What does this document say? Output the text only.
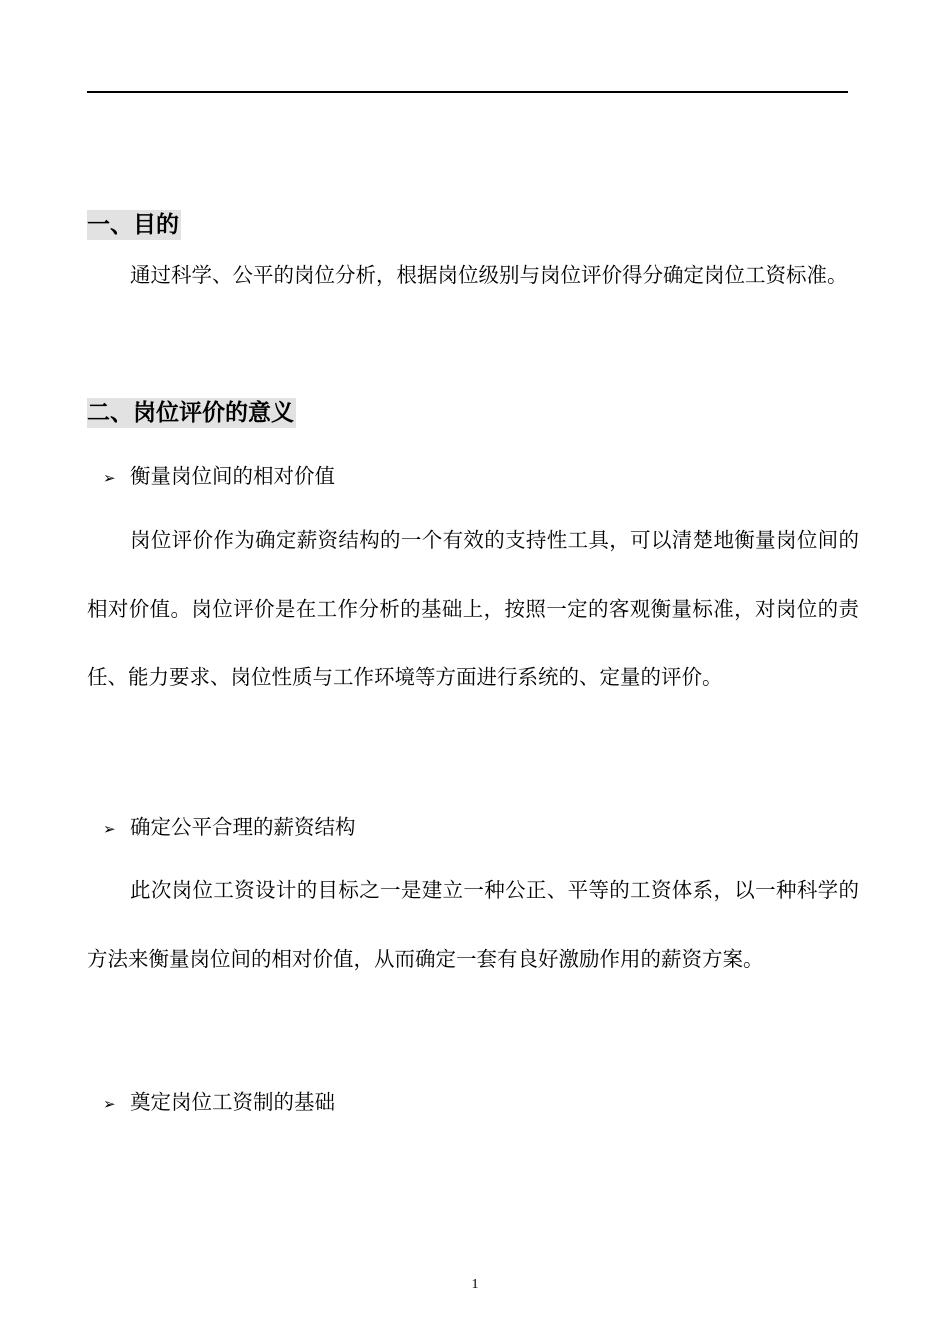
一、目的

通过科学、公平的岗位分析，根据岗位级别与岗位评价得分确定岗位工资标准。

二、岗位评价的意义
➢ 衡量岗位间的相对价值

岗位评价作为确定薪资结构的一个有效的支持性工具，可以清楚地衡量岗位间的相对价值。岗位评价是在工作分析的基础上，按照一定的客观衡量标准，对岗位的责任、能力要求、岗位性质与工作环境等方面进行系统的、定量的评价。

➢ 确定公平合理的薪资结构

此次岗位工资设计的目标之一是建立一种公正、平等的工资体系，以一种科学的方法来衡量岗位间的相对价值，从而确定一套有良好激励作用的薪资方案。

➢ 奠定岗位工资制的基础
1
